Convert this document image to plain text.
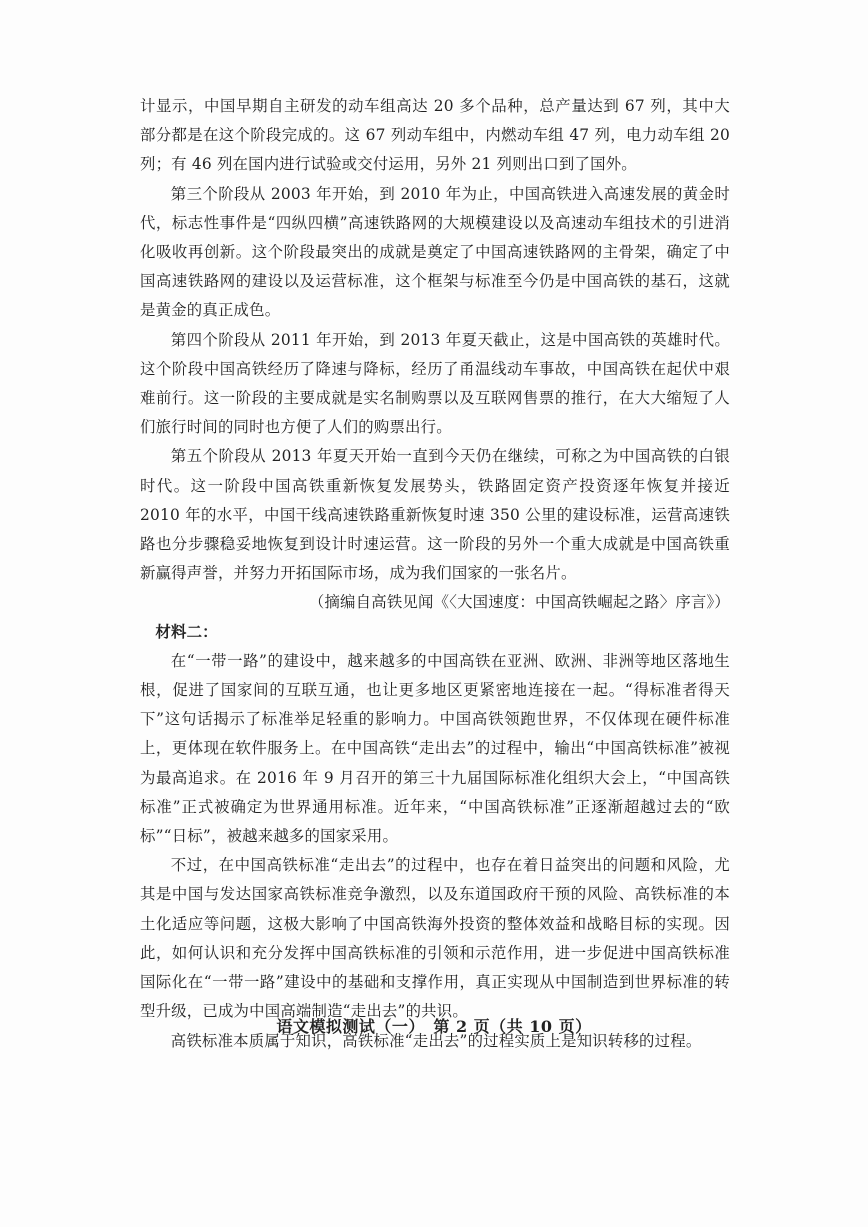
计显示，中国早期自主研发的动车组高达 20 多个品种，总产量达到 67 列，其中大部分都是在这个阶段完成的。这 67 列动车组中，内燃动车组 47 列，电力动车组 20 列；有 46 列在国内进行试验或交付运用，另外 21 列则出口到了国外。

第三个阶段从 2003 年开始，到 2010 年为止，中国高铁进入高速发展的黄金时代，标志性事件是“四纵四横”高速铁路网的大规模建设以及高速动车组技术的引进消化吸收再创新。这个阶段最突出的成就是奠定了中国高速铁路网的主骨架，确定了中国高速铁路网的建设以及运营标准，这个框架与标准至今仍是中国高铁的基石，这就是黄金的真正成色。

第四个阶段从 2011 年开始，到 2013 年夏天截止，这是中国高铁的英雄时代。这个阶段中国高铁经历了降速与降标，经历了甬温线动车事故，中国高铁在起伏中艰难前行。这一阶段的主要成就是实名制购票以及互联网售票的推行，在大大缩短了人们旅行时间的同时也方便了人们的购票出行。

第五个阶段从 2013 年夏天开始一直到今天仍在继续，可称之为中国高铁的白银时代。这一阶段中国高铁重新恢复发展势头，铁路固定资产投资逐年恢复并接近 2010 年的水平，中国干线高速铁路重新恢复时速 350 公里的建设标准，运营高速铁路也分步骤稳妥地恢复到设计时速运营。这一阶段的另外一个重大成就是中国高铁重新赢得声誉，并努力开拓国际市场，成为我们国家的一张名片。

（摘编自高铁见闻《〈大国速度：中国高铁崛起之路〉序言》）

材料二：

在“一带一路”的建设中，越来越多的中国高铁在亚洲、欧洲、非洲等地区落地生根，促进了国家间的互联互通，也让更多地区更紧密地连接在一起。“得标准者得天下”这句话揭示了标准举足轻重的影响力。中国高铁领跑世界，不仅体现在硬件标准上，更体现在软件服务上。在中国高铁“走出去”的过程中，输出“中国高铁标准”被视为最高追求。在 2016 年 9 月召开的第三十九届国际标准化组织大会上，“中国高铁标准”正式被确定为世界通用标准。近年来，“中国高铁标准”正逐渐超越过去的“欧标”“日标”，被越来越多的国家采用。

不过，在中国高铁标准“走出去”的过程中，也存在着日益突出的问题和风险，尤其是中国与发达国家高铁标准竞争激烈，以及东道国政府干预的风险、高铁标准的本土化适应等问题，这极大影响了中国高铁海外投资的整体效益和战略目标的实现。因此，如何认识和充分发挥中国高铁标准的引领和示范作用，进一步促进中国高铁标准国际化在“一带一路”建设中的基础和支撑作用，真正实现从中国制造到世界标准的转型升级，已成为中国高端制造“走出去”的共识。

高铁标准本质属于知识，高铁标准“走出去”的过程实质上是知识转移的过程。

语文模拟测试（一）　第 2 页（共 10 页）
